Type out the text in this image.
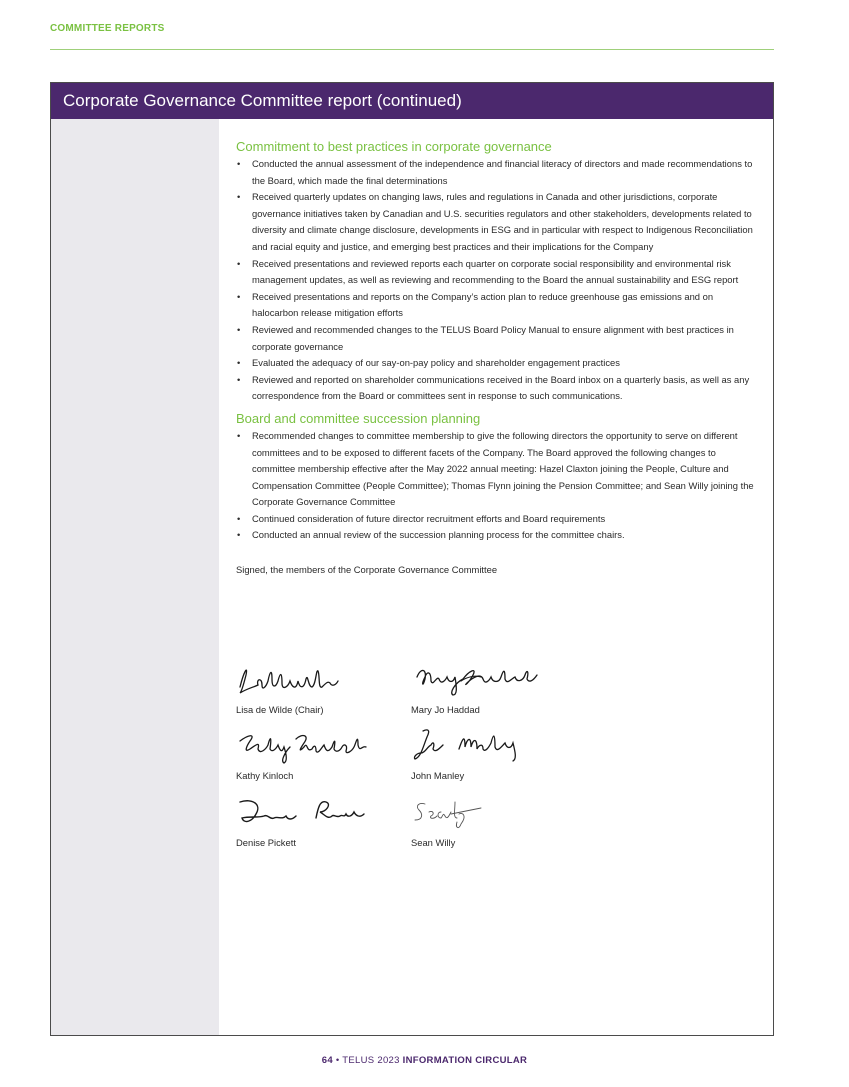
COMMITTEE REPORTS
Corporate Governance Committee report (continued)
Commitment to best practices in corporate governance
• Conducted the annual assessment of the independence and financial literacy of directors and made recommendations to the Board, which made the final determinations
• Received quarterly updates on changing laws, rules and regulations in Canada and other jurisdictions, corporate governance initiatives taken by Canadian and U.S. securities regulators and other stakeholders, developments related to diversity and climate change disclosure, developments in ESG and in particular with respect to Indigenous Reconciliation and racial equity and justice, and emerging best practices and their implications for the Company
• Received presentations and reviewed reports each quarter on corporate social responsibility and environmental risk management updates, as well as reviewing and recommending to the Board the annual sustainability and ESG report
• Received presentations and reports on the Company’s action plan to reduce greenhouse gas emissions and on halocarbon release mitigation efforts
• Reviewed and recommended changes to the TELUS Board Policy Manual to ensure alignment with best practices in corporate governance
• Evaluated the adequacy of our say-on-pay policy and shareholder engagement practices
• Reviewed and reported on shareholder communications received in the Board inbox on a quarterly basis, as well as any correspondence from the Board or committees sent in response to such communications.
Board and committee succession planning
• Recommended changes to committee membership to give the following directors the opportunity to serve on different committees and to be exposed to different facets of the Company. The Board approved the following changes to committee membership effective after the May 2022 annual meeting: Hazel Claxton joining the People, Culture and Compensation Committee (People Committee); Thomas Flynn joining the Pension Committee; and Sean Willy joining the Corporate Governance Committee
• Continued consideration of future director recruitment efforts and Board requirements
• Conducted an annual review of the succession planning process for the committee chairs.
Signed, the members of the Corporate Governance Committee
Lisa de Wilde (Chair)	Mary Jo Haddad
Kathy Kinloch	John Manley
Denise Pickett	Sean Willy
64 • TELUS 2023 INFORMATION CIRCULAR
